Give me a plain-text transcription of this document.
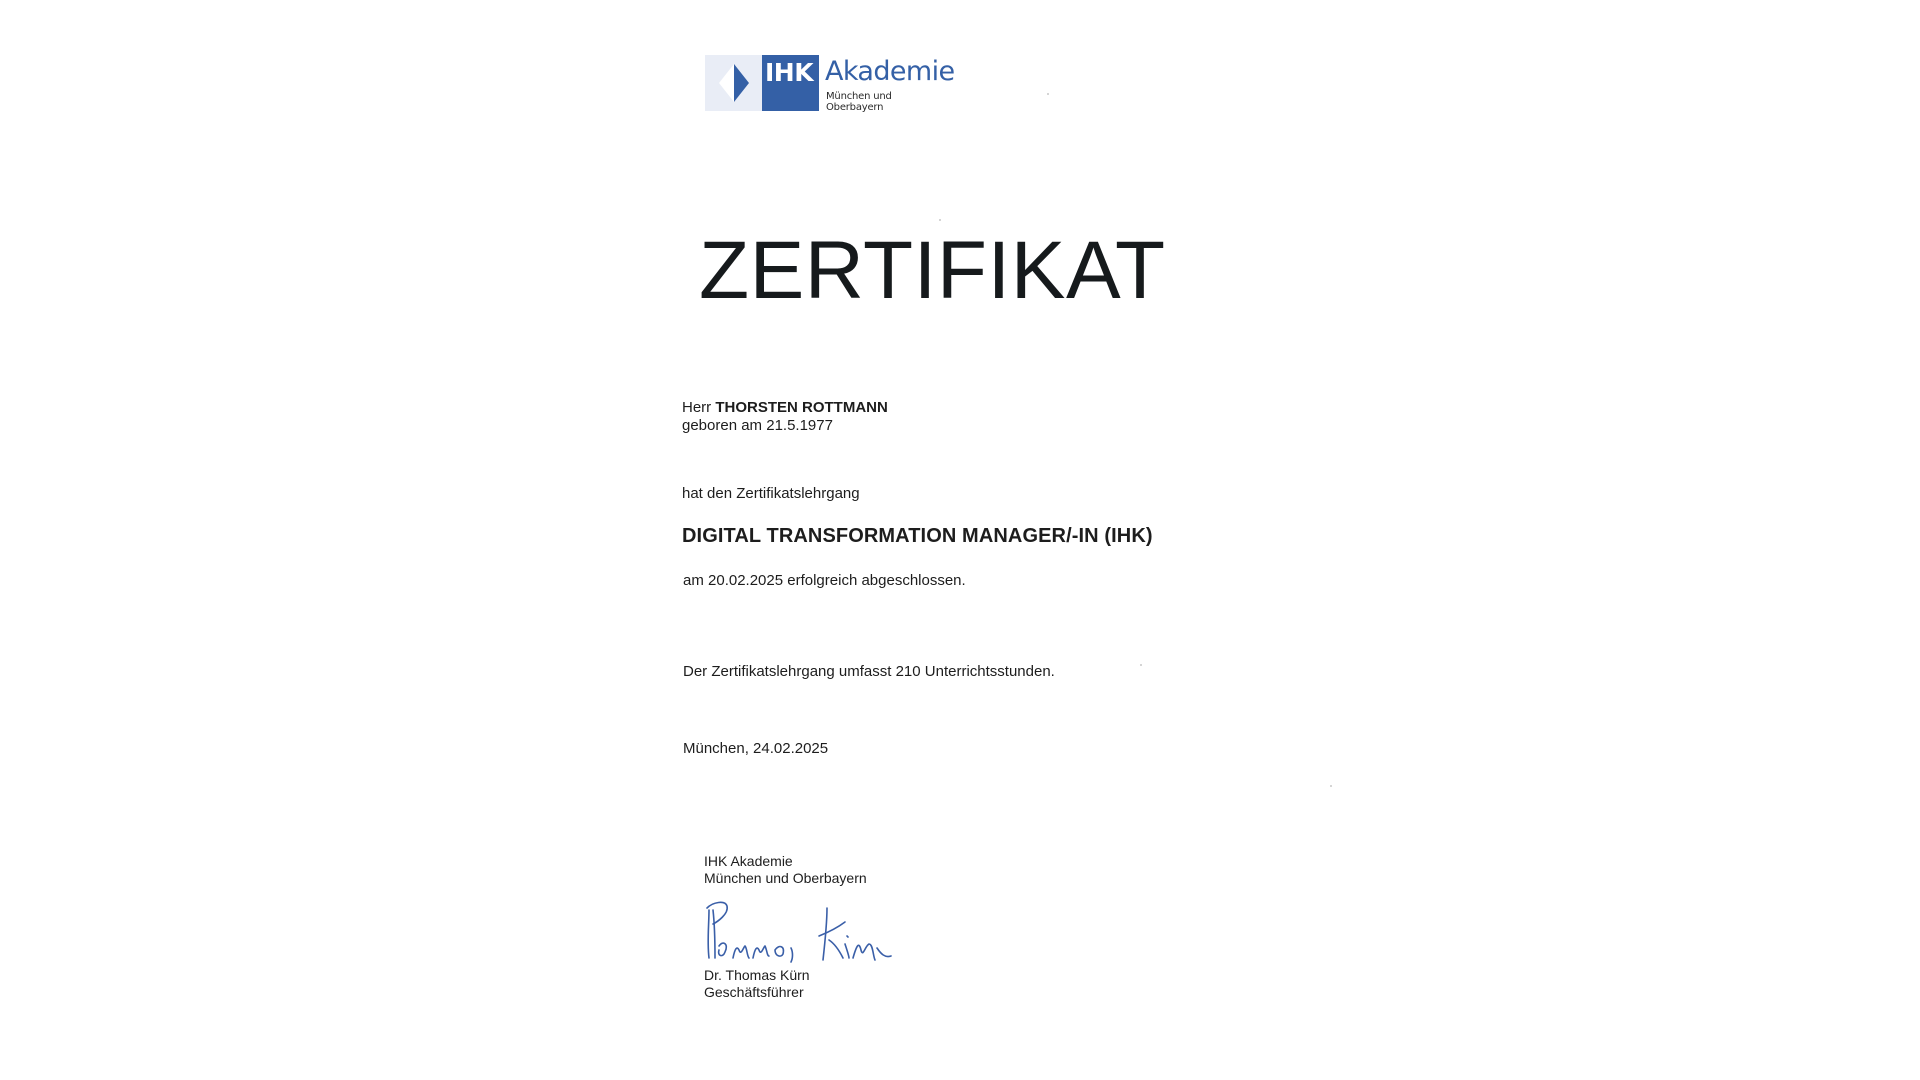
IHK Akademie
München und Oberbayern
ZERTIFIKAT
Herr THORSTEN ROTTMANN
geboren am 21.5.1977
hat den Zertifikatslehrgang
DIGITAL TRANSFORMATION MANAGER/-IN (IHK)
am 20.02.2025 erfolgreich abgeschlossen.
Der Zertifikatslehrgang umfasst 210 Unterrichtsstunden.
München, 24.02.2025
IHK Akademie
München und Oberbayern
Dr. Thomas Kürn
Geschäftsführer
